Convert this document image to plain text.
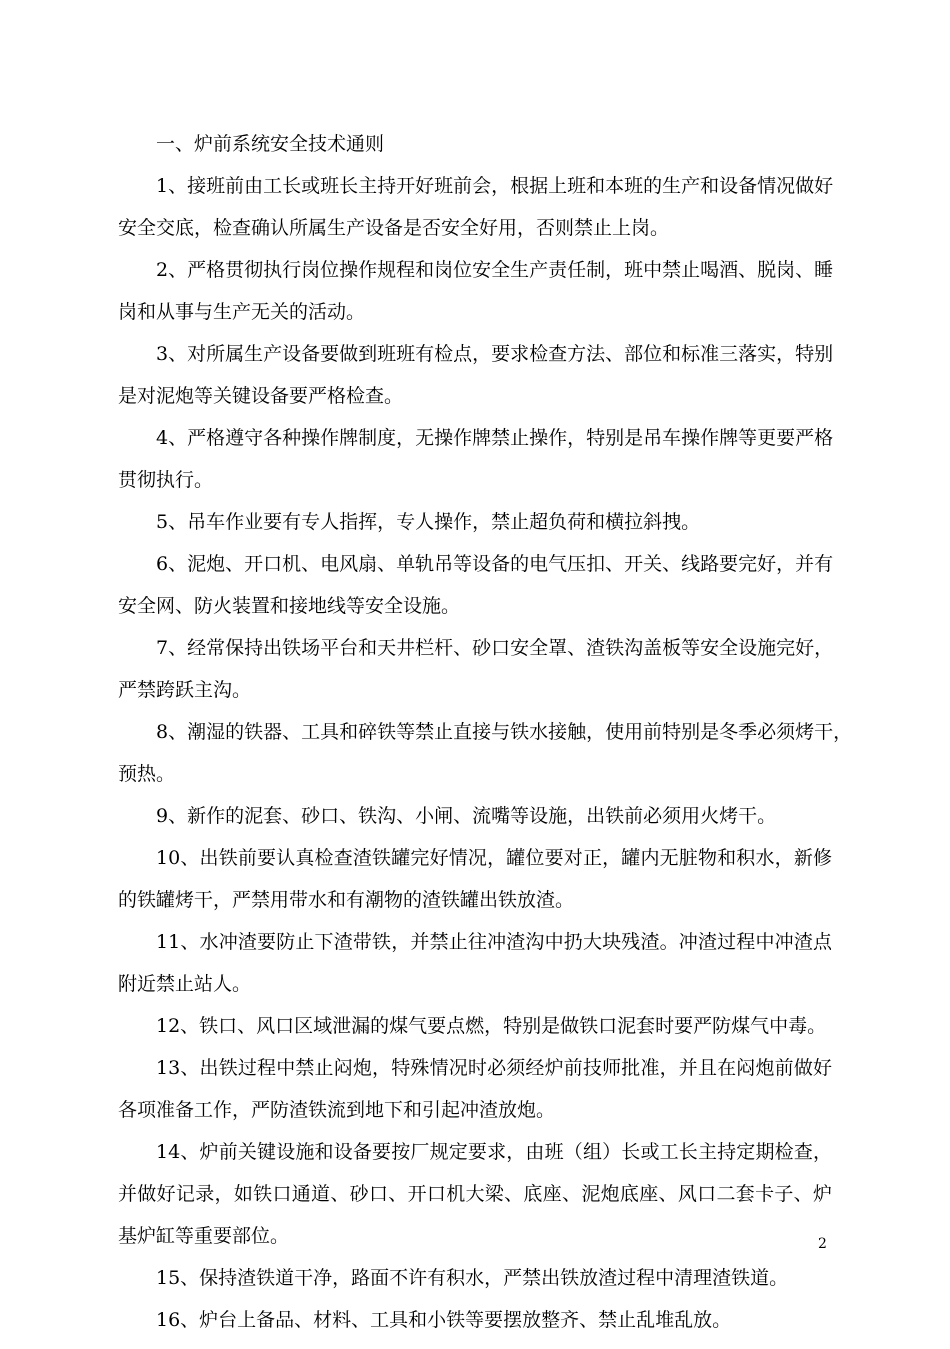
一、炉前系统安全技术通则
1、接班前由工长或班长主持开好班前会，根据上班和本班的生产和设备情况做好
安全交底，检查确认所属生产设备是否安全好用，否则禁止上岗。
2、严格贯彻执行岗位操作规程和岗位安全生产责任制，班中禁止喝酒、脱岗、睡
岗和从事与生产无关的活动。
3、对所属生产设备要做到班班有检点，要求检查方法、部位和标准三落实，特别
是对泥炮等关键设备要严格检查。
4、严格遵守各种操作牌制度，无操作牌禁止操作，特别是吊车操作牌等更要严格
贯彻执行。
5、吊车作业要有专人指挥，专人操作，禁止超负荷和横拉斜拽。
6、泥炮、开口机、电风扇、单轨吊等设备的电气压扣、开关、线路要完好，并有
安全网、防火装置和接地线等安全设施。
7、经常保持出铁场平台和天井栏杆、砂口安全罩、渣铁沟盖板等安全设施完好，
严禁跨跃主沟。
8、潮湿的铁器、工具和碎铁等禁止直接与铁水接触，使用前特别是冬季必须烤干，
预热。
9、新作的泥套、砂口、铁沟、小闸、流嘴等设施，出铁前必须用火烤干。
10、出铁前要认真检查渣铁罐完好情况，罐位要对正，罐内无脏物和积水，新修
的铁罐烤干，严禁用带水和有潮物的渣铁罐出铁放渣。
11、水冲渣要防止下渣带铁，并禁止往冲渣沟中扔大块残渣。冲渣过程中冲渣点
附近禁止站人。
12、铁口、风口区域泄漏的煤气要点燃，特别是做铁口泥套时要严防煤气中毒。
13、出铁过程中禁止闷炮，特殊情况时必须经炉前技师批准，并且在闷炮前做好
各项准备工作，严防渣铁流到地下和引起冲渣放炮。
14、炉前关键设施和设备要按厂规定要求，由班（组）长或工长主持定期检查，
并做好记录，如铁口通道、砂口、开口机大梁、底座、泥炮底座、风口二套卡子、炉
基炉缸等重要部位。
15、保持渣铁道干净，路面不许有积水，严禁出铁放渣过程中清理渣铁道。
16、炉台上备品、材料、工具和小铁等要摆放整齐、禁止乱堆乱放。
2
